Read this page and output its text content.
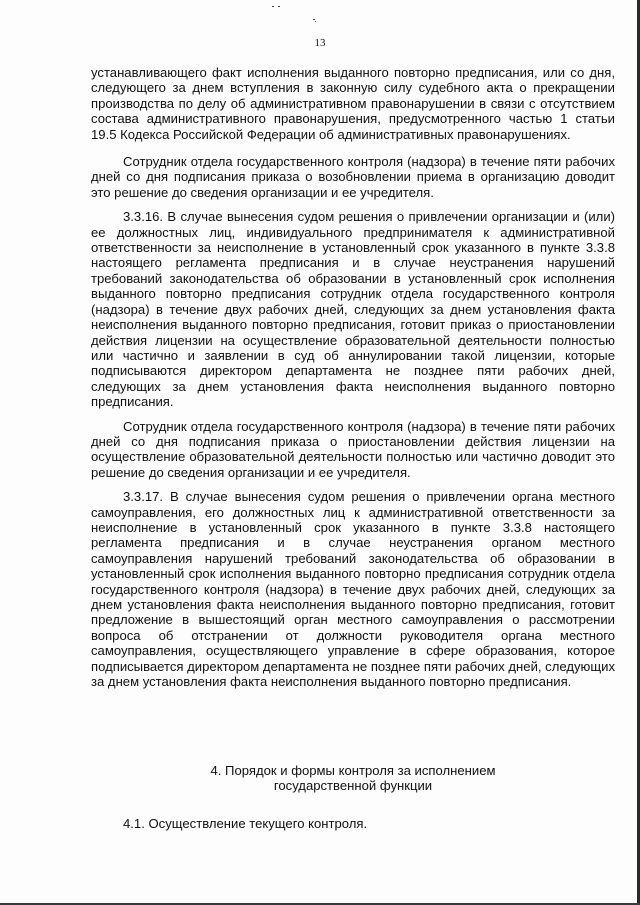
13

устанавливающего факт исполнения выданного повторно предписания, или со дня, следующего за днем вступления в законную силу судебного акта о прекращении производства по делу об административном правонарушении в связи с отсутствием состава административного правонарушения, предусмотренного частью 1 статьи 19.5 Кодекса Российской Федерации об административных правонарушениях.

Сотрудник отдела государственного контроля (надзора) в течение пяти рабочих дней со дня подписания приказа о возобновлении приема в организацию доводит это решение до сведения организации и ее учредителя.

3.3.16. В случае вынесения судом решения о привлечении организации и (или) ее должностных лиц, индивидуального предпринимателя к административной ответственности за неисполнение в установленный срок указанного в пункте 3.3.8 настоящего регламента предписания и в случае неустранения нарушений требований законодательства об образовании в установленный срок исполнения выданного повторно предписания сотрудник отдела государственного контроля (надзора) в течение двух рабочих дней, следующих за днем установления факта неисполнения выданного повторно предписания, готовит приказ о приостановлении действия лицензии на осуществление образовательной деятельности полностью или частично и заявлении в суд об аннулировании такой лицензии, которые подписываются директором департамента не позднее пяти рабочих дней, следующих за днем установления факта неисполнения выданного повторно предписания.

Сотрудник отдела государственного контроля (надзора) в течение пяти рабочих дней со дня подписания приказа о приостановлении действия лицензии на осуществление образовательной деятельности полностью или частично доводит это решение до сведения организации и ее учредителя.

3.3.17. В случае вынесения судом решения о привлечении органа местного самоуправления, его должностных лиц к административной ответственности за неисполнение в установленный срок указанного в пункте 3.3.8 настоящего регламента предписания и в случае неустранения органом местного самоуправления нарушений требований законодательства об образовании в установленный срок исполнения выданного повторно предписания сотрудник отдела государственного контроля (надзора) в течение двух рабочих дней, следующих за днем установления факта неисполнения выданного повторно предписания, готовит предложение в вышестоящий орган местного самоуправления о рассмотрении вопроса об отстранении от должности руководителя органа местного самоуправления, осуществляющего управление в сфере образования, которое подписывается директором департамента не позднее пяти рабочих дней, следующих за днем установления факта неисполнения выданного повторно предписания.

4. Порядок и формы контроля за исполнением

государственной функции

4.1. Осуществление текущего контроля.
